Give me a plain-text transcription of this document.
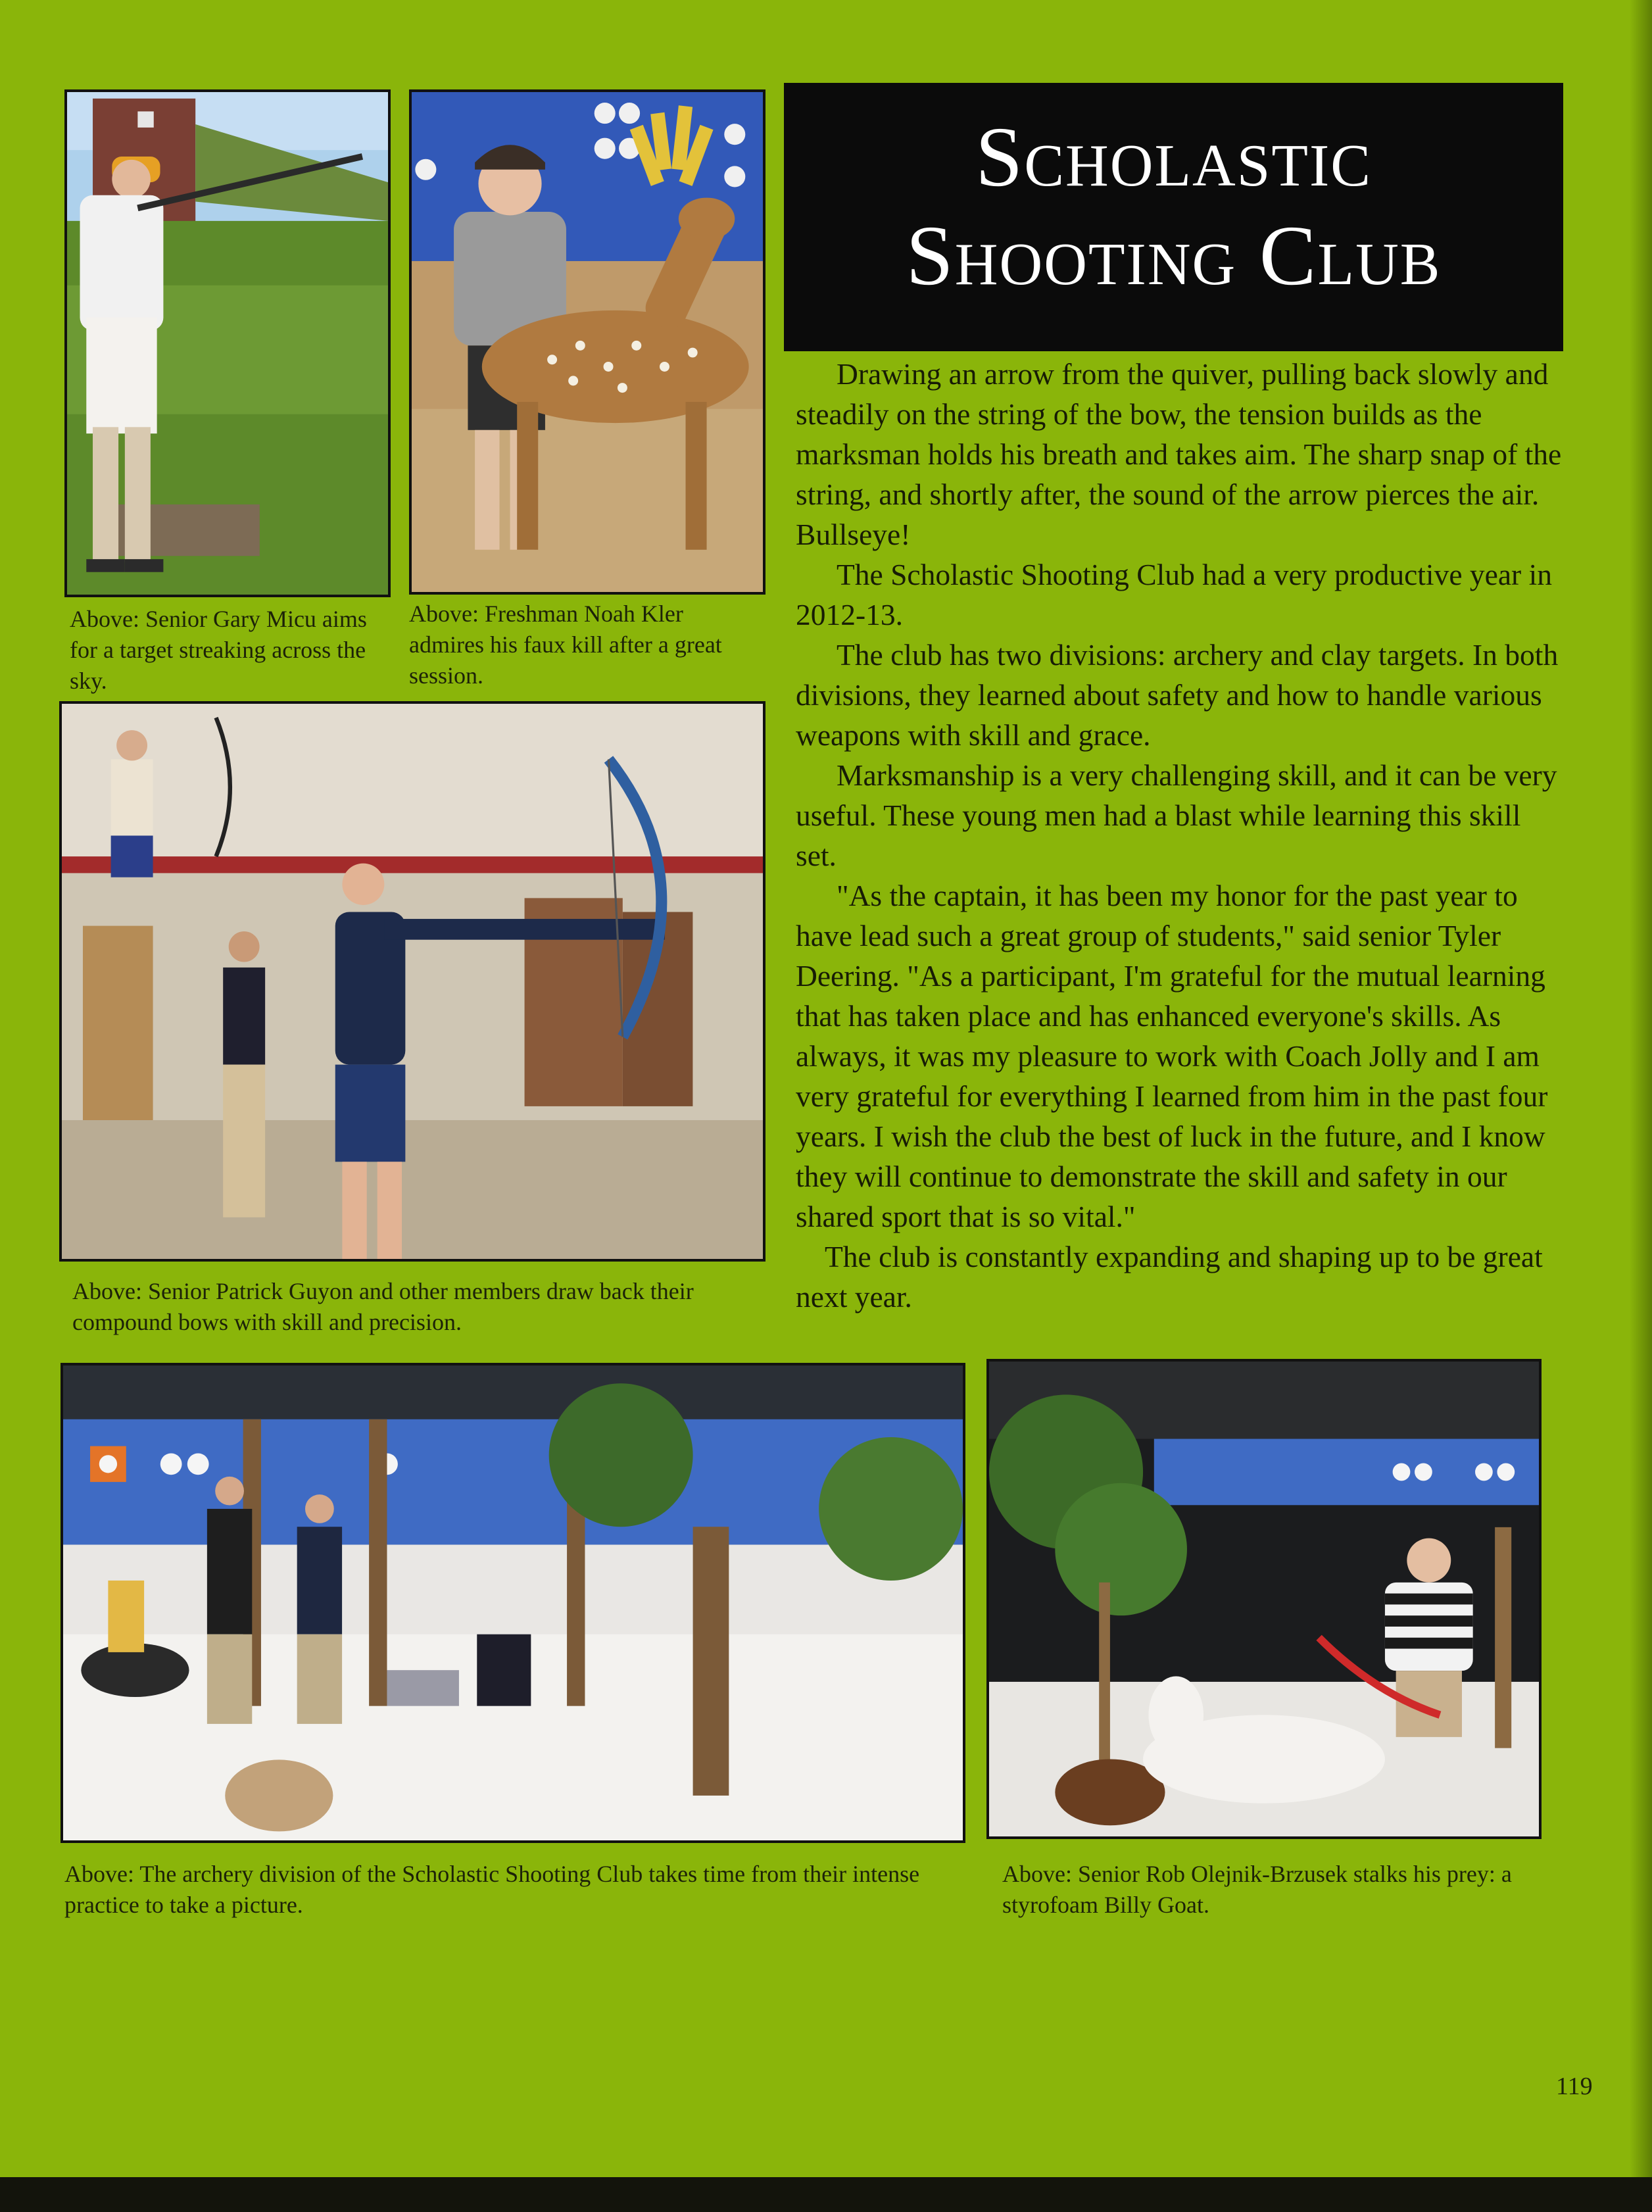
Above: Senior Gary Micu aims for a target streaking across the sky.

Above: Freshman Noah Kler admires his faux kill after a great session.

Scholastic
Shooting Club

Drawing an arrow from the quiver, pulling back slowly and steadily on the string of the bow, the tension builds as the marksman holds his breath and takes aim. The sharp snap of the string, and shortly after, the sound of the arrow pierces the air. Bullseye!

The Scholastic Shooting Club had a very productive year in 2012-13.

The club has two divisions: archery and clay targets. In both divisions, they learned about safety and how to handle various weapons with skill and grace.

Marksmanship is a very challenging skill, and it can be very useful. These young men had a blast while learning this skill set.

"As the captain, it has been my honor for the past year to have lead such a great group of students," said senior Tyler Deering. "As a participant, I'm grateful for the mutual learning that has taken place and has enhanced everyone's skills. As always, it was my pleasure to work with Coach Jolly and I am very grateful for everything I learned from him in the past four years. I wish the club the best of luck in the future, and I know they will continue to demonstrate the skill and safety in our shared sport that is so vital."

The club is constantly expanding and shaping up to be great next year.

Above: Senior Patrick Guyon and other members draw back their compound bows with skill and precision.

Above: The archery division of the Scholastic Shooting Club takes time from their intense practice to take a picture.

Above: Senior Rob Olejnik-Brzusek stalks his prey: a styrofoam Billy Goat.

119
